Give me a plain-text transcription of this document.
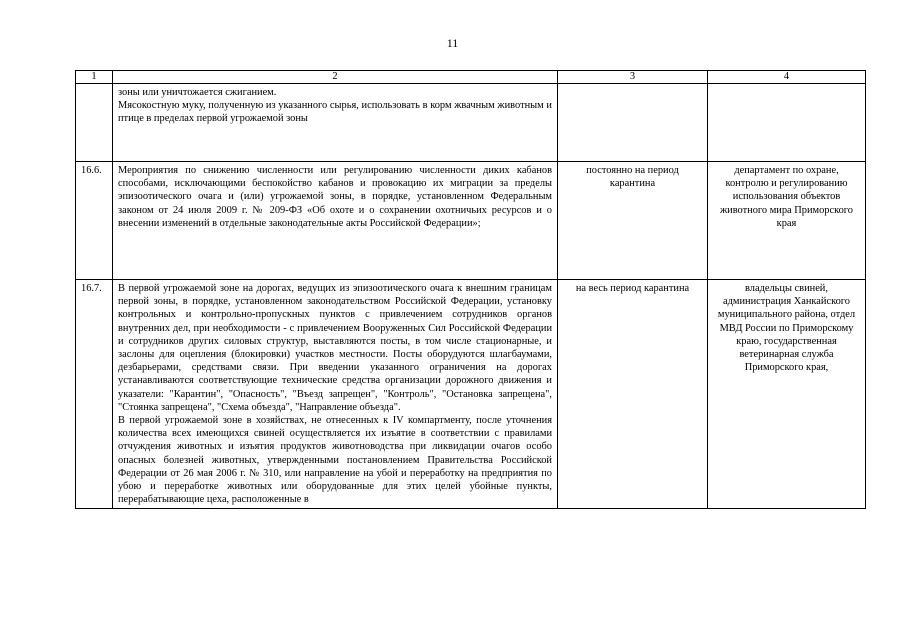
11
1	2	3	4

	зоны или уничтожается сжиганием.
Мясокостную муку, полученную из указанного сырья, использовать в корм жвачным животным и птице в пределах первой угрожаемой зоны		

16.6.	Мероприятия по снижению численности или регулированию численности диких кабанов способами, исключающими беспокойство кабанов и провокацию их миграции за пределы эпизоотического очага и (или) угрожаемой зоны, в порядке, установленном Федеральным законом от 24 июля 2009 г. № 209-ФЗ «Об охоте и о сохранении охотничьих ресурсов и о внесении изменений в отдельные законодательные акты Российской Федерации»;	постоянно на период карантина	департамент по охране, контролю и регулированию использования объектов животного мира Приморского края
16.7.	В первой угрожаемой зоне на дорогах, ведущих из эпизоотического очага к внешним границам первой зоны, в порядке, установленном законодательством Российской Федерации, установку контрольных и контрольно-пропускных пунктов с привлечением сотрудников органов внутренних дел, при необходимости - с привлечением Вооруженных Сил Российской Федерации и сотрудников других силовых структур, выставляются посты, в том числе стационарные, и заслоны для оцепления (блокировки) участков местности. Посты оборудуются шлагбаумами, дезбарьерами, средствами связи. При введении указанного ограничения на дорогах устанавливаются соответствующие технические средства организации дорожного движения и указатели: "Карантин", "Опасность", "Въезд запрещен", "Контроль", "Остановка запрещена", "Стоянка запрещена", "Схема объезда", "Направление объезда".
В первой угрожаемой зоне в хозяйствах, не отнесенных к IV компартменту, после уточнения количества всех имеющихся свиней осуществляется их изъятие в соответствии с правилами отчуждения животных и изъятия продуктов животноводства при ликвидации очагов особо опасных болезней животных, утвержденными постановлением Правительства Российской Федерации от 26 мая 2006 г. № 310, или направление на убой и переработку на предприятия по убою и переработке животных или оборудованные для этих целей убойные пункты, перерабатывающие цеха, расположенные в	на весь период карантина	владельцы свиней, администрация Ханкайского муниципального района, отдел МВД России по Приморскому краю, государственная ветеринарная служба Приморского края,
